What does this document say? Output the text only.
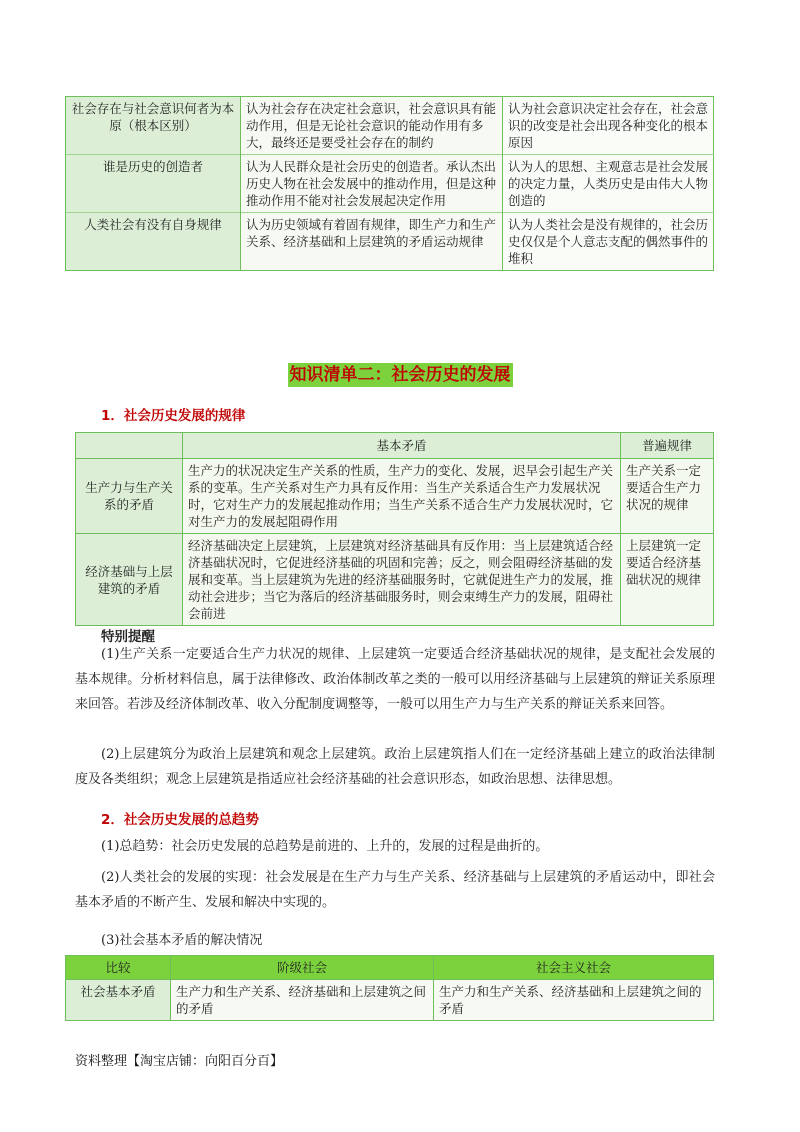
社会存在与社会意识何者为本原（根本区别）	认为社会存在决定社会意识，社会意识具有能动作用，但是无论社会意识的能动作用有多大，最终还是要受社会存在的制约	认为社会意识决定社会存在，社会意识的改变是社会出现各种变化的根本原因
谁是历史的创造者	认为人民群众是社会历史的创造者。承认杰出历史人物在社会发展中的推动作用，但是这种推动作用不能对社会发展起决定作用	认为人的思想、主观意志是社会发展的决定力量，人类历史是由伟大人物创造的
人类社会有没有自身规律	认为历史领域有着固有规律，即生产力和生产关系、经济基础和上层建筑的矛盾运动规律	认为人类社会是没有规律的，社会历史仅仅是个人意志支配的偶然事件的堆积
知识清单二：社会历史的发展
1．社会历史发展的规律
	基本矛盾	普遍规律
生产力与生产关系的矛盾	生产力的状况决定生产关系的性质，生产力的变化、发展，迟早会引起生产关系的变革。生产关系对生产力具有反作用：当生产关系适合生产力发展状况时，它对生产力的发展起推动作用；当生产关系不适合生产力发展状况时，它对生产力的发展起阻碍作用	生产关系一定要适合生产力状况的规律
经济基础与上层建筑的矛盾	经济基础决定上层建筑，上层建筑对经济基础具有反作用：当上层建筑适合经济基础状况时，它促进经济基础的巩固和完善；反之，则会阻碍经济基础的发展和变革。当上层建筑为先进的经济基础服务时，它就促进生产力的发展，推动社会进步；当它为落后的经济基础服务时，则会束缚生产力的发展，阻碍社会前进	上层建筑一定要适合经济基础状况的规律
特别提醒
(1)生产关系一定要适合生产力状况的规律、上层建筑一定要适合经济基础状况的规律，是支配社会发展的基本规律。分析材料信息，属于法律修改、政治体制改革之类的一般可以用经济基础与上层建筑的辩证关系原理来回答。若涉及经济体制改革、收入分配制度调整等，一般可以用生产力与生产关系的辩证关系来回答。
(2)上层建筑分为政治上层建筑和观念上层建筑。政治上层建筑指人们在一定经济基础上建立的政治法律制度及各类组织；观念上层建筑是指适应社会经济基础的社会意识形态，如政治思想、法律思想。
2．社会历史发展的总趋势
(1)总趋势：社会历史发展的总趋势是前进的、上升的，发展的过程是曲折的。
(2)人类社会的发展的实现：社会发展是在生产力与生产关系、经济基础与上层建筑的矛盾运动中，即社会基本矛盾的不断产生、发展和解决中实现的。
(3)社会基本矛盾的解决情况
比较	阶级社会	社会主义社会
社会基本矛盾	生产力和生产关系、经济基础和上层建筑之间的矛盾	生产力和生产关系、经济基础和上层建筑之间的矛盾
资料整理【淘宝店铺：向阳百分百】
